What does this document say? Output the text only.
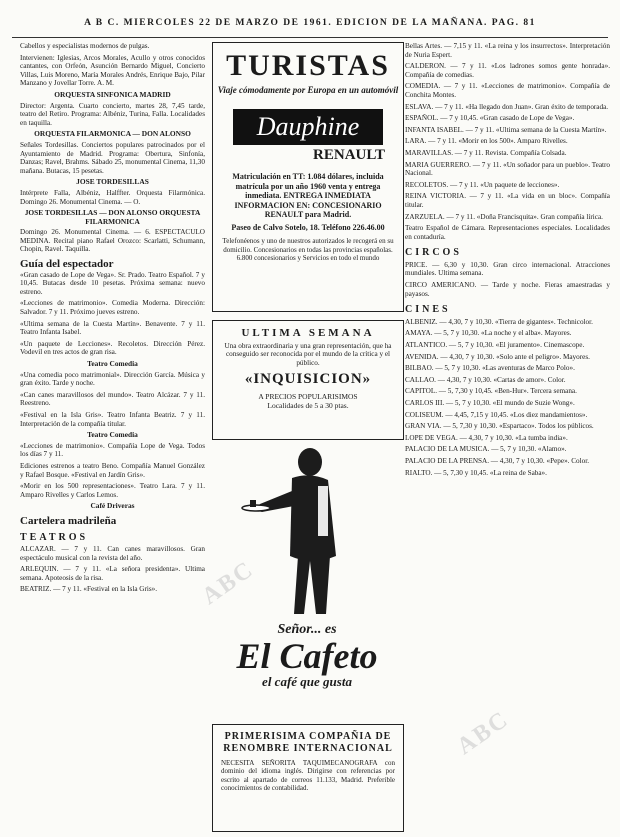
A B C. MIERCOLES 22 DE MARZO DE 1961. EDICION DE LA MAÑANA. PAG. 81

Cabellos y especialistas modernos de pulgas.

Intervienen: Iglesias, Arcos Morales, Acullo y otros conocidos cantantes, con Orfeón, Asunción Bernardo Miguel, Concierto Villas, Luis Moreno, María Morales Andrés, Enrique Bajo, Pilar Manzano y Jovellar Torre. A. M.

ORQUESTA SINFONICA MADRID

Director: Argenta. Cuarto concierto, martes 28, 7,45 tarde, teatro del Retiro. Programa: Albéniz, Turina, Falla. Localidades en taquilla.

ORQUESTA FILARMONICA — DON ALONSO

Señales Tordesillas. Conciertos populares patrocinados por el Ayuntamiento de Madrid. Programa: Obertura, Sinfonía, Danzas; Ravel, Brahms. Sábado 25, monumental Cinema, 11,30 mañana. Butacas, 15 pesetas.

JOSE TORDESILLAS

Intérprete Falla, Albéniz, Halffter. Orquesta Filarmónica. Domingo 26. Monumental Cinema. — O.

JOSE TORDESILLAS — DON ALONSO ORQUESTA FILARMONICA

Domingo 26. Monumental Cinema. — 6. ESPECTACULO MEDINA. Recital piano Rafael Orozco: Scarlatti, Schumann, Chopin, Ravel. Taquilla.

Guía del espectador

«Gran casado de Lope de Vega». Sr. Prado. Teatro Español. 7 y 10,45. Butacas desde 10 pesetas. Próxima semana: nuevo estreno.

«Lecciones de matrimonio». Comedia Moderna. Dirección: Salvador. 7 y 11. Próximo jueves estreno.

«Ultima semana de la Cuesta Martín». Benavente. 7 y 11. Teatro Infanta Isabel.

«Un paquete de Lecciones». Recoletos. Dirección Pérez. Vodevil en tres actos de gran risa.

Teatro Comedia

«Una comedia poco matrimonial». Dirección García. Música y gran éxito. Tarde y noche.

«Can canes maravillosos del mundo». Teatro Alcázar. 7 y 11. Reestreno.

«Festival en la Isla Gris». Teatro Infanta Beatriz. 7 y 11. Interpretación de la compañía titular.

Teatro Comedia

«Lecciones de matrimonio». Compañía Lope de Vega. Todos los días 7 y 11.

Ediciones estrenos a teatro Beno. Compañía Manuel González y Rafael Bosque. «Festival en Jardín Gris».

«Morir en los 500 representaciones». Teatro Lara. 7 y 11. Amparo Rivelles y Carlos Lemos.

Café Driveras
Cartelera madrileña
TEATROS

ALCAZAR. — 7 y 11. Can canes maravillosos. Gran espectáculo musical con la revista del año.

ARLEQUIN. — 7 y 11. «La señora presidenta». Ultima semana. Apoteosis de la risa.

BEATRIZ. — 7 y 11. «Festival en la Isla Gris».

TURISTAS
Viaje cómodamente por Europa en un automóvil
Dauphine
RENAULT
Matriculación en TT: 1.084 dólares, incluida matrícula por un año 1960 venta y entrega inmediata. ENTREGA INMEDIATA INFORMACION EN: CONCESIONARIO RENAULT para Madrid.
Paseo de Calvo Sotelo, 18. Teléfono 226.46.00
Telefonéenos y uno de nuestros autorizados le recogerá en su domicilio. Concesionarios en todas las provincias españolas. 6.800 concesionarios y Servicios en todo el mundo
ULTIMA SEMANA
Una obra extraordinaria y una gran representación, que ha conseguido ser reconocida por el mundo de la crítica y el público.
«INQUISICION»
A PRECIOS POPULARISIMOS
Localidades de 5 a 30 ptas.
Señor... es
El Cafeto
el café que gusta
PRIMERISIMA COMPAÑIA DE RENOMBRE INTERNACIONAL
NECESITA SEÑORITA TAQUIMECANOGRAFA con dominio del idioma inglés. Dirigirse con referencias por escrito al apartado de correos 11.133, Madrid. Preferible conocimientos de contabilidad.

Bellas Artes. — 7,15 y 11. «La reina y los insurrectos». Interpretación de Nuria Espert.

CALDERON. — 7 y 11. «Los ladrones somos gente honrada». Compañía de comedias.

COMEDIA. — 7 y 11. «Lecciones de matrimonio». Compañía de Conchita Montes.

ESLAVA. — 7 y 11. «Ha llegado don Juan». Gran éxito de temporada.

ESPAÑOL. — 7 y 10,45. «Gran casado de Lope de Vega».

INFANTA ISABEL. — 7 y 11. «Ultima semana de la Cuesta Martín».

LARA. — 7 y 11. «Morir en los 500». Amparo Rivelles.

MARAVILLAS. — 7 y 11. Revista. Compañía Colsada.

MARIA GUERRERO. — 7 y 11. «Un soñador para un pueblo». Teatro Nacional.

RECOLETOS. — 7 y 11. «Un paquete de lecciones».

REINA VICTORIA. — 7 y 11. «La vida en un bloc». Compañía titular.

ZARZUELA. — 7 y 11. «Doña Francisquita». Gran compañía lírica.

Teatro Español de Cámara. Representaciones especiales. Localidades en contaduría.

CIRCOS

PRICE. — 6,30 y 10,30. Gran circo internacional. Atracciones mundiales. Ultima semana.

CIRCO AMERICANO. — Tarde y noche. Fieras amaestradas y payasos.

CINES

ALBENIZ. — 4,30, 7 y 10,30. «Tierra de gigantes». Technicolor.

AMAYA. — 5, 7 y 10,30. «La noche y el alba». Mayores.

ATLANTICO. — 5, 7 y 10,30. «El juramento». Cinemascope.

AVENIDA. — 4,30, 7 y 10,30. «Solo ante el peligro». Mayores.

BILBAO. — 5, 7 y 10,30. «Las aventuras de Marco Polo».

CALLAO. — 4,30, 7 y 10,30. «Cartas de amor». Color.

CAPITOL. — 5, 7,30 y 10,45. «Ben-Hur». Tercera semana.

CARLOS III. — 5, 7 y 10,30. «El mundo de Suzie Wong».

COLISEUM. — 4,45, 7,15 y 10,45. «Los diez mandamientos».

GRAN VIA. — 5, 7,30 y 10,30. «Espartaco». Todos los públicos.

LOPE DE VEGA. — 4,30, 7 y 10,30. «La tumba india».

PALACIO DE LA MUSICA. — 5, 7 y 10,30. «Alamo».

PALACIO DE LA PRENSA. — 4,30, 7 y 10,30. «Pepe». Color.

RIALTO. — 5, 7,30 y 10,45. «La reina de Saba».

ABC
ABC
